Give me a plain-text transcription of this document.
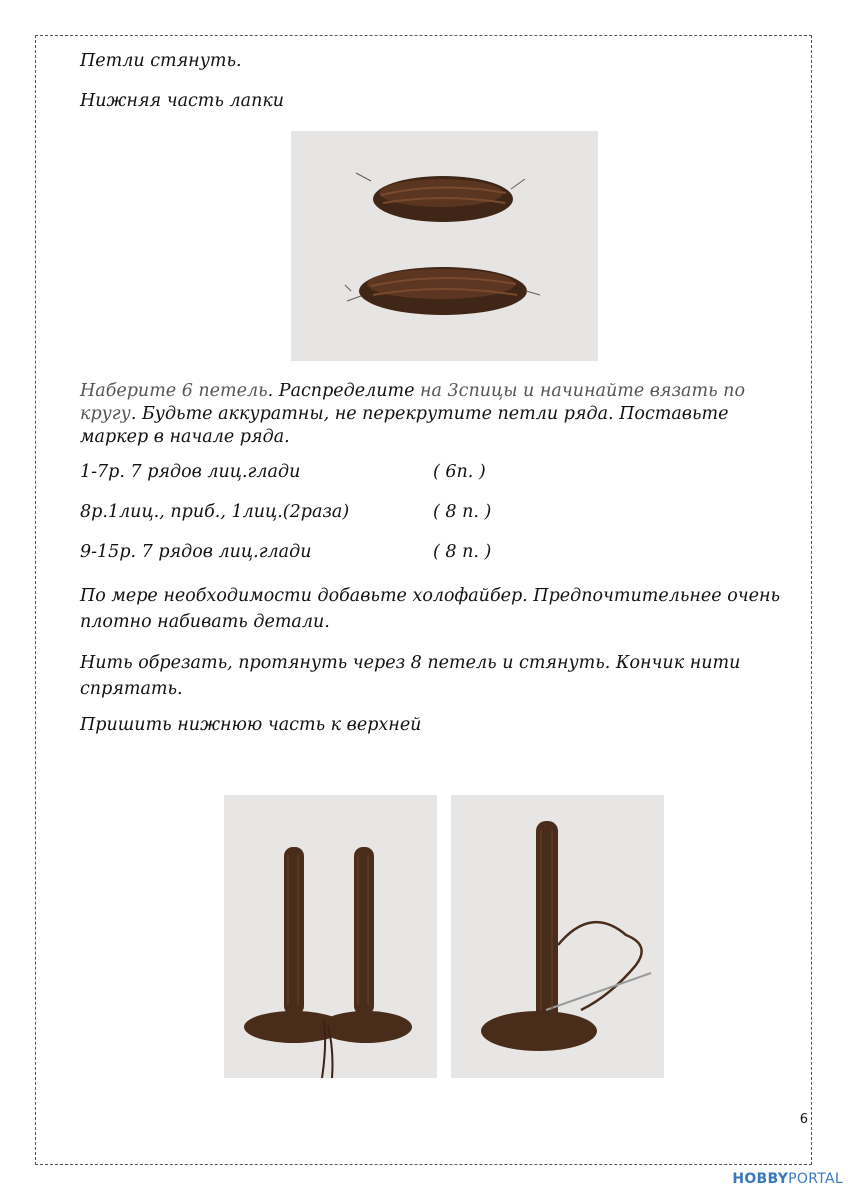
Петли стянуть.
Нижняя часть лапки
Наберите 6 петель. Распределите на 3спицы и начинайте вязать по кругу. Будьте аккуратны, не перекрутите петли ряда. Поставьте маркер в начале ряда.
1-7р. 7 рядов лиц.глади	( 6п. )
8р.1лиц., приб., 1лиц.(2раза)	( 8 п. )
9-15р. 7 рядов лиц.глади	( 8 п. )
По мере необходимости добавьте холофайбер. Предпочтительнее очень плотно набивать детали.
Нить обрезать, протянуть через 8 петель и стянуть. Кончик нити спрятать.
Пришить нижнюю часть к верхней
6
HOBBYPORTAL
